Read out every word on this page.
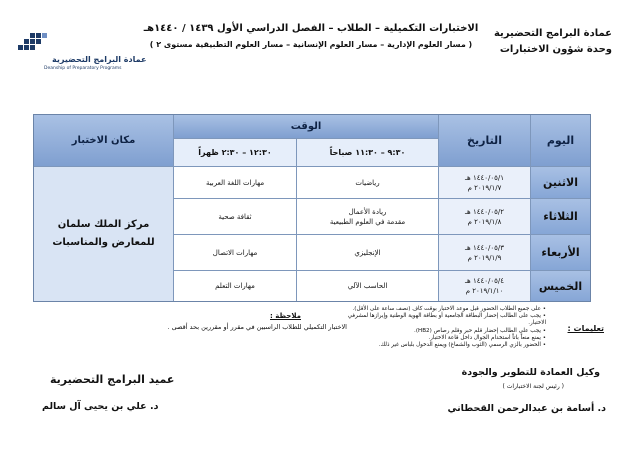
عمادة البرامج التحضيرية
وحدة شؤون الاختبارات
الاختبارات التكميلية – الطلاب – الفصل الدراسي الأول ١٤٣٩ / ١٤٤٠هـ
( مسار العلوم الإدارية – مسار العلوم الإنسانية – مسار العلوم التطبيقية مستوى ٢ )
عمادة البرامج التحضيرية
Deanship of Preparatory Programs
اليوم
التاريخ
الوقت
٩:٣٠ – ١١:٣٠ صباحاً
١٢:٣٠ – ٢:٣٠ ظهراً
مكان الاختبار
الاثنين
١٤٤٠/٠٥/١ هـ
٢٠١٩/١/٧ م
رياضيات
مهارات اللغة العربية
الثلاثاء
١٤٤٠/٠٥/٢ هـ
٢٠١٩/١/٨ م
ريادة الأعمال
مقدمة في العلوم الطبيعية
ثقافة صحية
الأربعاء
١٤٤٠/٠٥/٣ هـ
٢٠١٩/١/٩ م
الإنجليزي
مهارات الاتصال
الخميس
١٤٤٠/٠٥/٤ هـ
٢٠١٩/١/١٠ م
الحاسب الآلي
مهارات التعلم
مركز الملك سلمان للمعارض والمناسبات
ملاحظة :
الاختبار التكميلي للطلاب الراسبين في مقرر أو مقررين بحد أقصى .	تعليمات :
• على جميع الطلاب الحضور قبل موعد الاختبار بوقت كاف (نصف ساعة على الأقل).
• يجب على الطالب إحضار البطاقة الجامعية أو بطاقة الهوية الوطنية وإبرازها لمشرفي الاختبار.
• يجب على الطالب إحضار قلم حبر وقلم رصاص (HB2).
• يمنع منعاً باتاً استخدام الجوال داخل قاعة الاختبار.
• الحضور بالزي الرسمي (الثوب والشماغ) ويمنع الدخول بلباس غير ذلك.
وكيل العمادة للتطوير والجودة
( رئيس لجنة الاختبارات )
د. أسامة بن عبدالرحمن القحطاني
عميد البرامج التحضيرية
د. علي بن يحيى آل سالم
